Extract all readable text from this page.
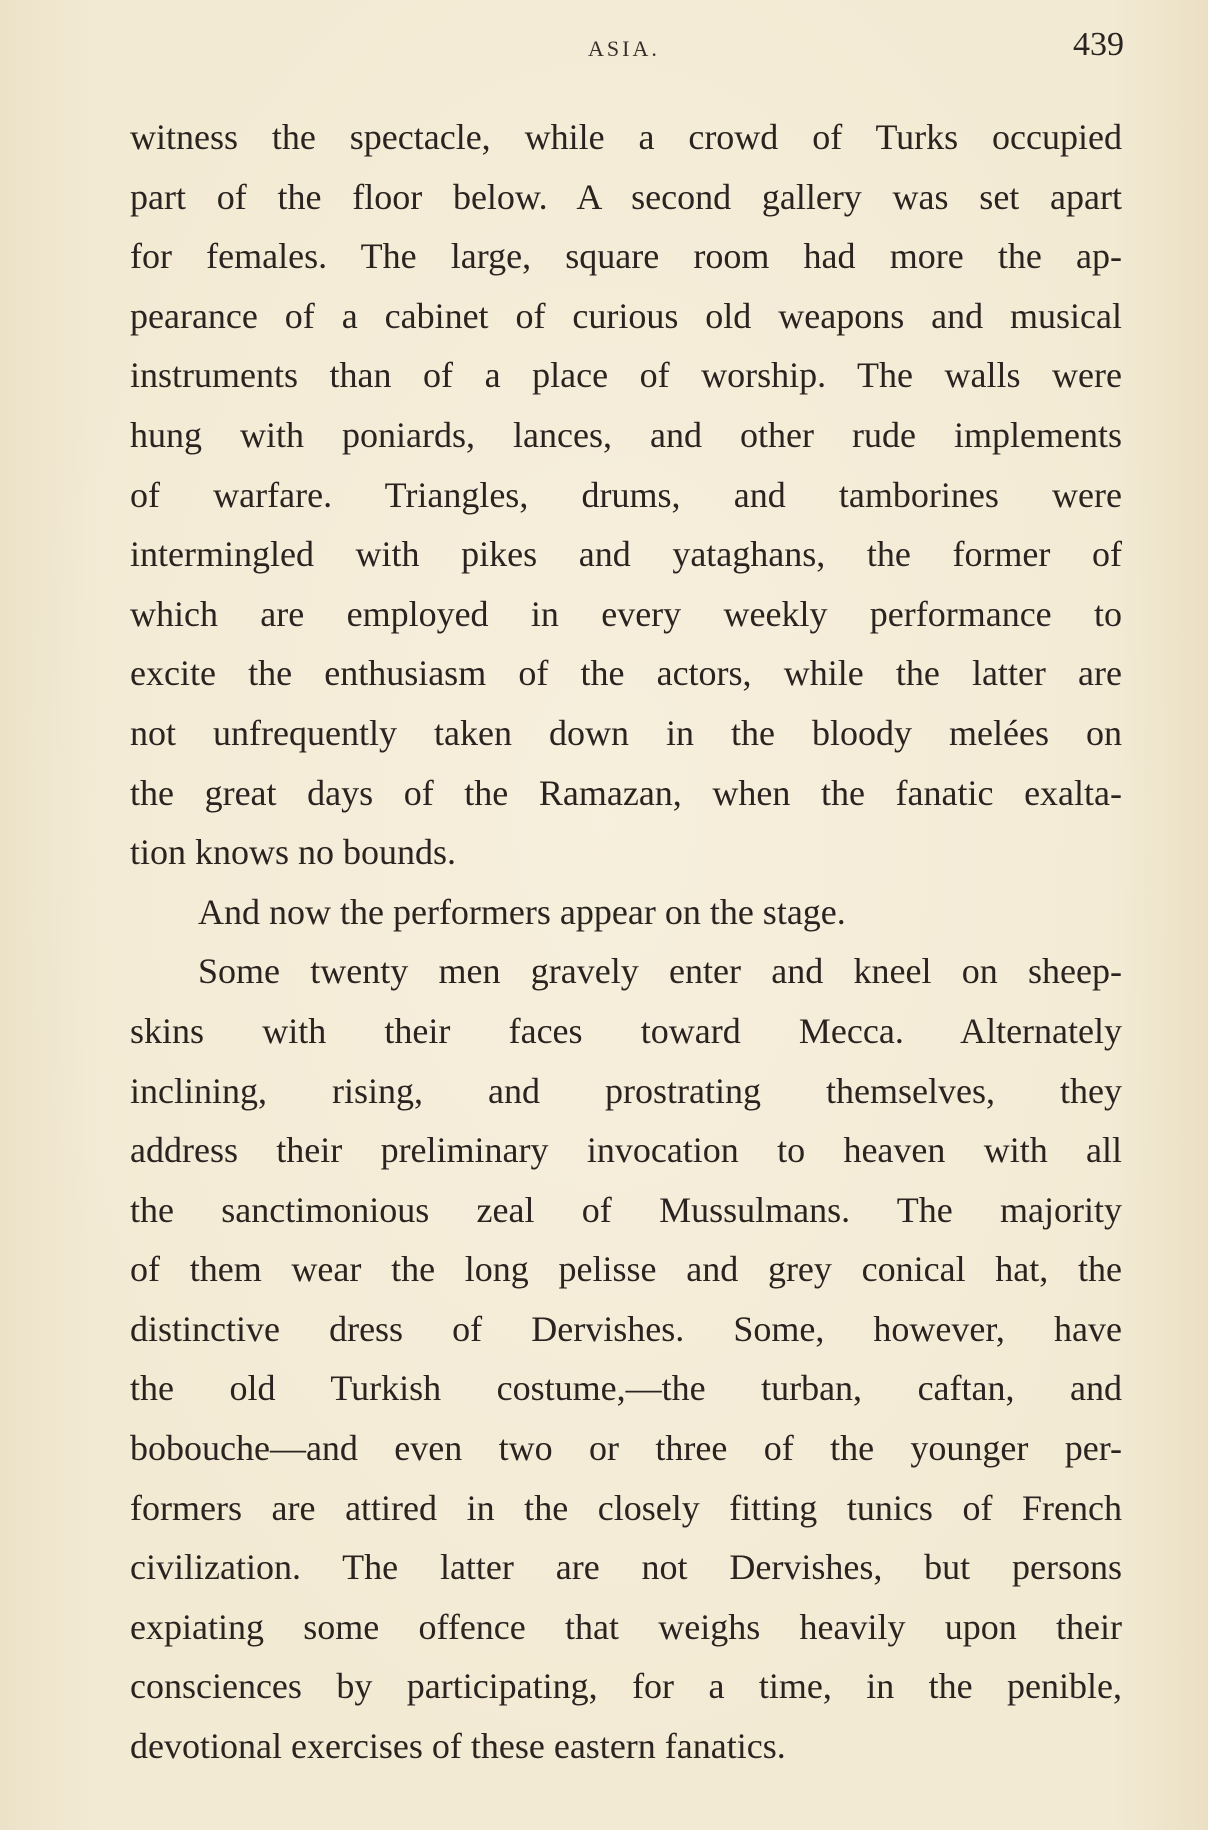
ASIA.	439
witness the spectacle, while a crowd of Turks occupied
part of the floor below. A second gallery was set apart
for females. The large, square room had more the ap-
pearance of a cabinet of curious old weapons and musical
instruments than of a place of worship. The walls were
hung with poniards, lances, and other rude implements
of warfare. Triangles, drums, and tamborines were
intermingled with pikes and yataghans, the former of
which are employed in every weekly performance to
excite the enthusiasm of the actors, while the latter are
not unfrequently taken down in the bloody melées on
the great days of the Ramazan, when the fanatic exalta-
tion knows no bounds.
And now the performers appear on the stage.
Some twenty men gravely enter and kneel on sheep-
skins with their faces toward Mecca. Alternately
inclining, rising, and prostrating themselves, they
address their preliminary invocation to heaven with all
the sanctimonious zeal of Mussulmans. The majority
of them wear the long pelisse and grey conical hat, the
distinctive dress of Dervishes. Some, however, have
the old Turkish costume,—the turban, caftan, and
bobouche—and even two or three of the younger per-
formers are attired in the closely fitting tunics of French
civilization. The latter are not Dervishes, but persons
expiating some offence that weighs heavily upon their
consciences by participating, for a time, in the penible,
devotional exercises of these eastern fanatics.
